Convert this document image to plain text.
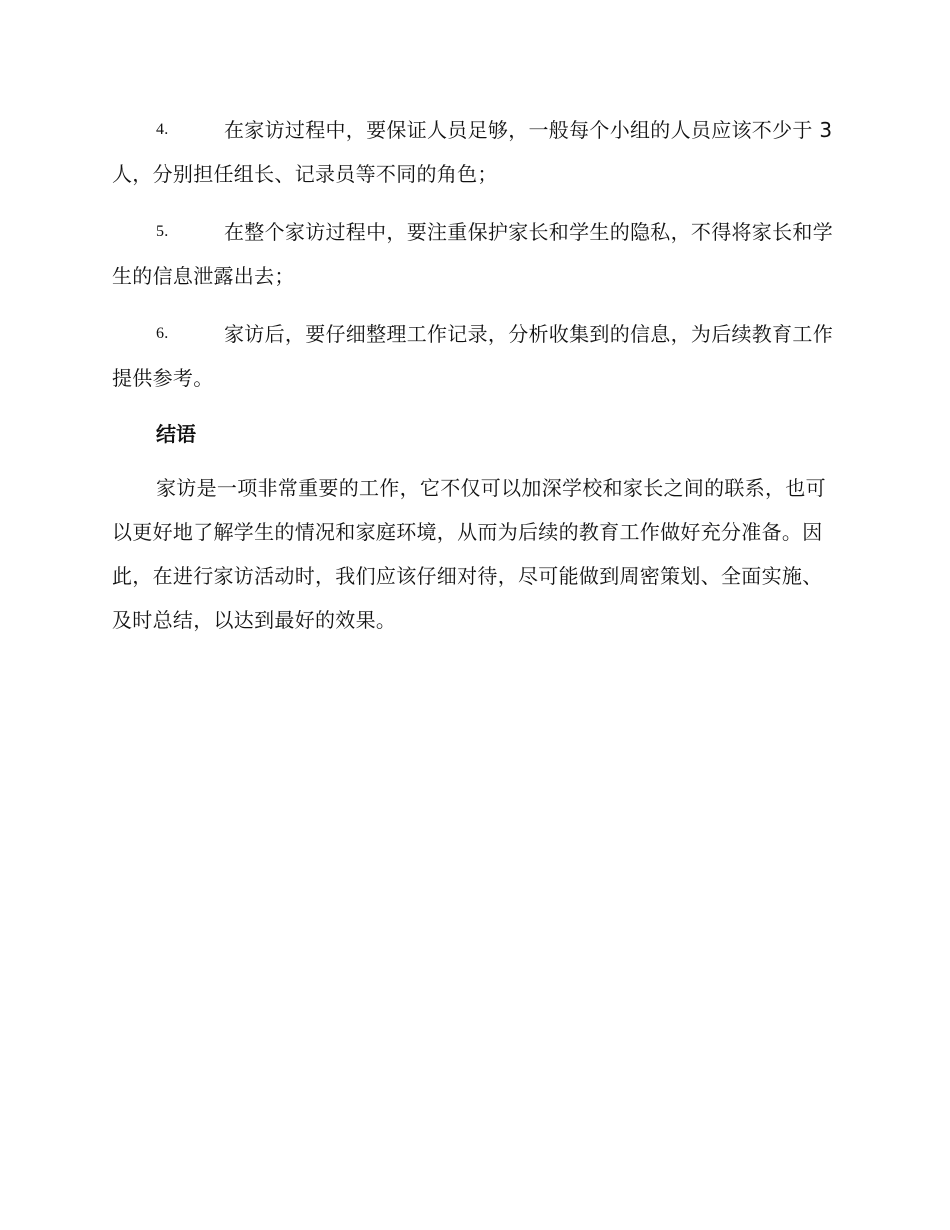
4.	在家访过程中，要保证人员足够，一般每个小组的人员应该不少于 3 人，分别担任组长、记录员等不同的角色；
5.	在整个家访过程中，要注重保护家长和学生的隐私，不得将家长和学生的信息泄露出去；
6.	家访后，要仔细整理工作记录，分析收集到的信息，为后续教育工作提供参考。
结语

家访是一项非常重要的工作，它不仅可以加深学校和家长之间的联系，也可以更好地了解学生的情况和家庭环境，从而为后续的教育工作做好充分准备。因此，在进行家访活动时，我们应该仔细对待，尽可能做到周密策划、全面实施、及时总结，以达到最好的效果。
